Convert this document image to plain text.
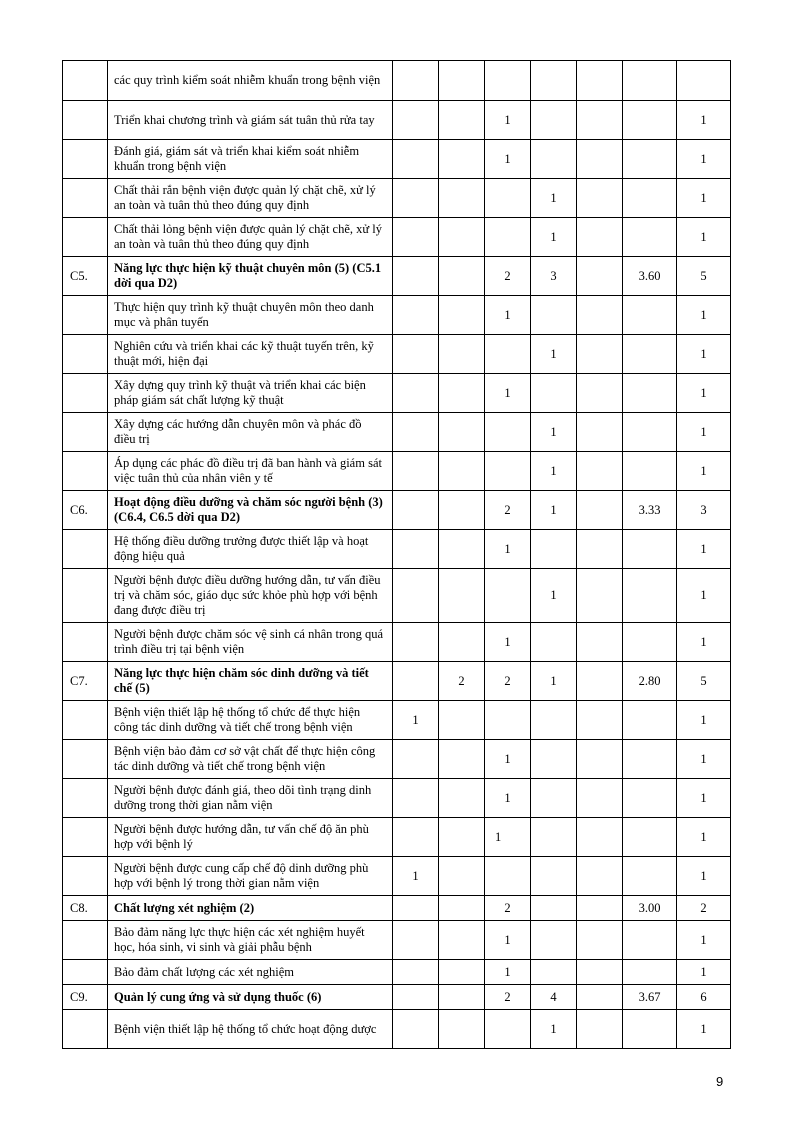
	các quy trình kiểm soát nhiễm khuẩn trong bệnh viện							
	Triển khai chương trình và giám sát tuân thủ rửa tay			1				1
	Đánh giá, giám sát và triển khai kiểm soát nhiễm khuẩn trong bệnh viện			1				1
	Chất thải rắn bệnh viện được quản lý chặt chẽ, xử lý an toàn và tuân thủ theo đúng quy định				1			1
	Chất thải lỏng bệnh viện được quản lý chặt chẽ, xử lý an toàn và tuân thủ theo đúng quy định				1			1
C5.	Năng lực thực hiện kỹ thuật chuyên môn (5) (C5.1 dời qua D2)			2	3		3.60	5
	Thực hiện quy trình kỹ thuật chuyên môn theo danh mục và phân tuyến			1				1
	Nghiên cứu và triển khai các kỹ thuật tuyến trên, kỹ thuật mới, hiện đại				1			1
	Xây dựng quy trình kỹ thuật và triển khai các biện pháp giám sát chất lượng kỹ thuật			1				1
	Xây dựng các hướng dẫn chuyên môn và phác đồ điều trị				1			1
	Áp dụng các phác đồ điều trị đã ban hành và giám sát việc tuân thủ của nhân viên y tế				1			1
C6.	Hoạt động điều dưỡng và chăm sóc người bệnh (3) (C6.4, C6.5 dời qua D2)			2	1		3.33	3
	Hệ thống điều dưỡng trưởng được thiết lập và hoạt động hiệu quả			1				1
	Người bệnh được điều dưỡng hướng dẫn, tư vấn điều trị và chăm sóc, giáo dục sức khỏe phù hợp với bệnh đang được điều trị				1			1
	Người bệnh được chăm sóc vệ sinh cá nhân trong quá trình điều trị tại bệnh viện			1				1
C7.	Năng lực thực hiện chăm sóc dinh dưỡng và tiết chế (5)		2	2	1		2.80	5
	Bệnh viện thiết lập hệ thống tổ chức để thực hiện công tác dinh dưỡng và tiết chế trong bệnh viện	1						1
	Bệnh viện bảo đảm cơ sở vật chất để thực hiện công tác dinh dưỡng và tiết chế trong bệnh viện			1				1
	Người bệnh được đánh giá, theo dõi tình trạng dinh dưỡng trong thời gian nằm viện			1				1
	Người bệnh được hướng dẫn, tư vấn chế độ ăn phù hợp với bệnh lý			1				1
	Người bệnh được cung cấp chế độ dinh dưỡng phù hợp với bệnh lý trong thời gian nằm viện	1						1
C8.	Chất lượng xét nghiệm (2)			2			3.00	2
	Bảo đảm năng lực thực hiện các xét nghiệm huyết học, hóa sinh, vi sinh và giải phẫu bệnh			1				1
	Bảo đảm chất lượng các xét nghiệm			1				1
C9.	Quản lý cung ứng và sử dụng thuốc (6)			2	4		3.67	6
	Bệnh viện thiết lập hệ thống tổ chức hoạt động dược				1			1
9
